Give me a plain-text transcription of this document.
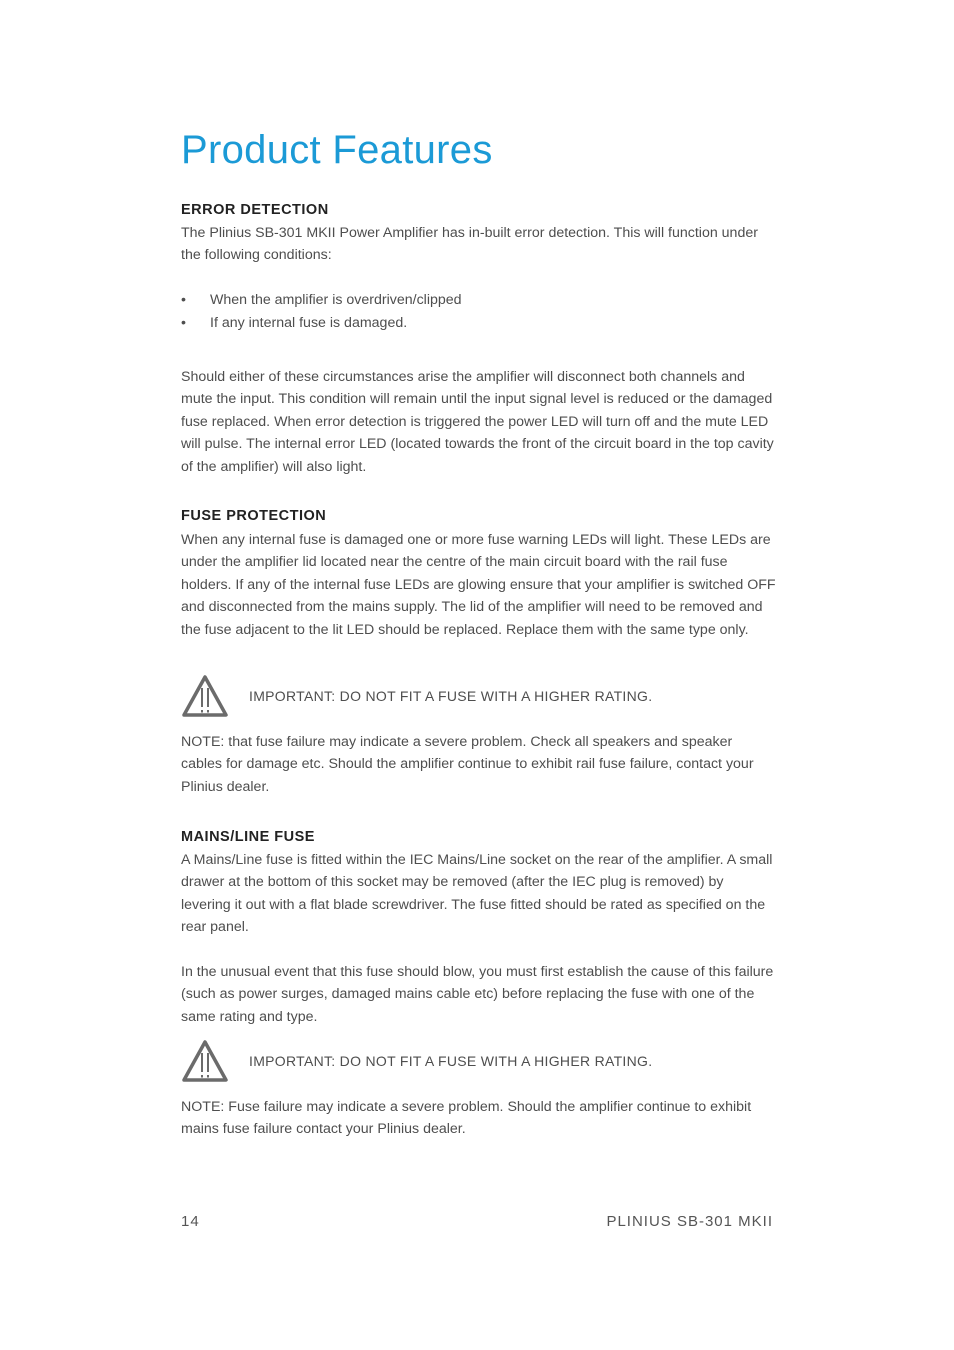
Product Features
ERROR DETECTION

The Plinius SB-301 MKII Power Amplifier has in-built error detection. This will function under the following conditions:

• When the amplifier is overdriven/clipped
• If any internal fuse is damaged.

Should either of these circumstances arise the amplifier will disconnect both channels and mute the input. This condition will remain until the input signal level is reduced or the damaged fuse replaced. When error detection is triggered the power LED will turn off and the mute LED will pulse. The internal error LED (located towards the front of the circuit board in the top cavity of the amplifier) will also light.

FUSE PROTECTION

When any internal fuse is damaged one or more fuse warning LEDs will light. These LEDs are under the amplifier lid located near the centre of the main circuit board with the rail fuse holders. If any of the internal fuse LEDs are glowing ensure that your amplifier is switched OFF and disconnected from the mains supply. The lid of the amplifier will need to be removed and the fuse adjacent to the lit LED should be replaced. Replace them with the same type only.

IMPORTANT: DO NOT FIT A FUSE WITH A HIGHER RATING.

NOTE: that fuse failure may indicate a severe problem. Check all speakers and speaker cables for damage etc. Should the amplifier continue to exhibit rail fuse failure, contact your Plinius dealer.

MAINS/LINE FUSE

A Mains/Line fuse is fitted within the IEC Mains/Line socket on the rear of the amplifier. A small drawer at the bottom of this socket may be removed (after the IEC plug is removed) by levering it out with a flat blade screwdriver. The fuse fitted should be rated as specified on the rear panel.

In the unusual event that this fuse should blow, you must first establish the cause of this failure (such as power surges, damaged mains cable etc) before replacing the fuse with one of the same rating and type.

IMPORTANT: DO NOT FIT A FUSE WITH A HIGHER RATING.

NOTE: Fuse failure may indicate a severe problem. Should the amplifier continue to exhibit mains fuse failure contact your Plinius dealer.

14	PLINIUS SB-301 MKII
